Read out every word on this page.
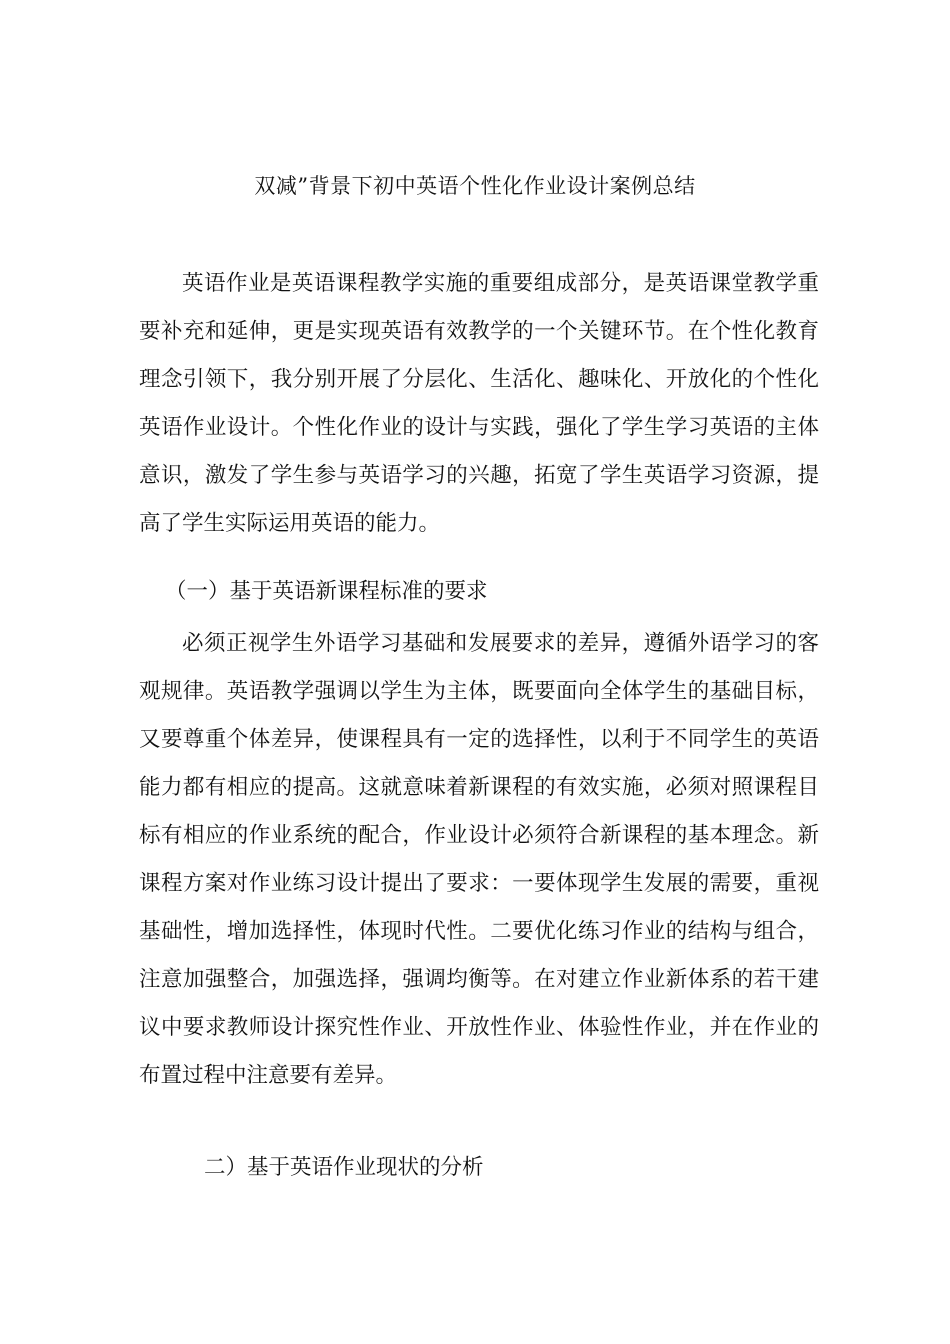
双减”背景下初中英语个性化作业设计案例总结

英语作业是英语课程教学实施的重要组成部分，是英语课堂教学重要补充和延伸，更是实现英语有效教学的一个关键环节。在个性化教育理念引领下，我分别开展了分层化、生活化、趣味化、开放化的个性化英语作业设计。个性化作业的设计与实践，强化了学生学习英语的主体意识，激发了学生参与英语学习的兴趣，拓宽了学生英语学习资源，提高了学生实际运用英语的能力。

（一）基于英语新课程标准的要求

必须正视学生外语学习基础和发展要求的差异，遵循外语学习的客观规律。英语教学强调以学生为主体，既要面向全体学生的基础目标，又要尊重个体差异，使课程具有一定的选择性，以利于不同学生的英语能力都有相应的提高。这就意味着新课程的有效实施，必须对照课程目标有相应的作业系统的配合，作业设计必须符合新课程的基本理念。新课程方案对作业练习设计提出了要求：一要体现学生发展的需要，重视基础性，增加选择性，体现时代性。二要优化练习作业的结构与组合，注意加强整合，加强选择，强调均衡等。在对建立作业新体系的若干建议中要求教师设计探究性作业、开放性作业、体验性作业，并在作业的布置过程中注意要有差异。

二）基于英语作业现状的分析
